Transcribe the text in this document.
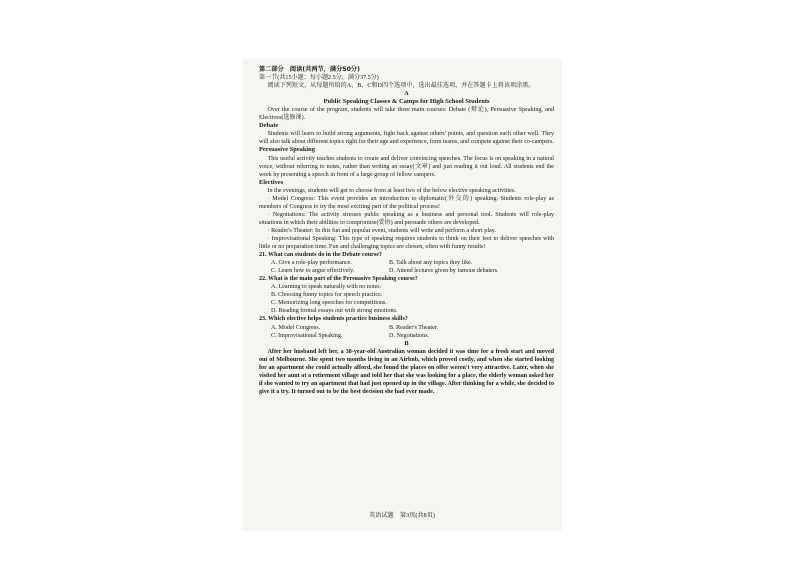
第二部分　阅读(共两节，满分50分)

第一节(共15小题；每小题2.5分，满分37.5分)

阅读下列短文，从每题所给的A、B、C和D四个选项中，选出最佳选项，并在答题卡上将该项涂黑。

A

Public Speaking Classes & Camps for High School Students

Over the course of the program, students will take three main courses: Debate (辩论), Persuasive Speaking, and Electives(选修课).

Debate

Students will learn to build strong arguments, fight back against others' points, and question each other well. They will also talk about different topics right for their age and experience, form teams, and compete against their co-campers.

Persuasive Speaking

This useful activity teaches students to create and deliver convincing speeches. The focus is on speaking in a natural voice, without referring to notes, rather than writing an essay(文章) and just reading it out loud. All students end the week by presenting a speech in front of a large group of fellow campers.

Electives

In the evenings, students will get to choose from at least two of the below elective speaking activities.

· Model Congress: This event provides an introduction to diplomatic(外交的) speaking. Students role-play as members of Congress to try the most exciting part of the political process!

· Negotiations: The activity stresses public speaking as a business and personal tool. Students will role-play situations in which their abilities to compromise(妥协) and persuade others are developed.

· Reader's Theater: In this fun and popular event, students will write and perform a short play.

· Improvisational Speaking: This type of speaking requires students to think on their feet to deliver speeches with little or no preparation time. Fun and challenging topics are chosen, often with funny results!

21. What can students do in the Debate course?

A. Give a role-play performance.	B. Talk about any topics they like.
C. Learn how to argue effectively.	D. Attend lectures given by famous debaters.

22. What is the main part of the Persuasive Speaking course?

A. Learning to speak naturally with no notes.

B. Choosing funny topics for speech practice.

C. Memorizing long speeches for competitions.

D. Reading formal essays out with strong emotions.

23. Which elective helps students practice business skills?

A. Model Congress.	B. Reader's Theater.
C. Improvisational Speaking.	D. Negotiations.

B

After her husband left her, a 38-year-old Australian woman decided it was time for a fresh start and moved out of Melbourne. She spent two months living in an Airbnb, which proved costly, and when she started looking for an apartment she could actually afford, she found the places on offer weren't very attractive. Later, when she visited her aunt at a retirement village and told her that she was looking for a place, the elderly woman asked her if she wanted to try an apartment that had just opened up in the village. After thinking for a while, she decided to give it a try. It turned out to be the best decision she had ever made.

英语试题　第3页(共8页)
